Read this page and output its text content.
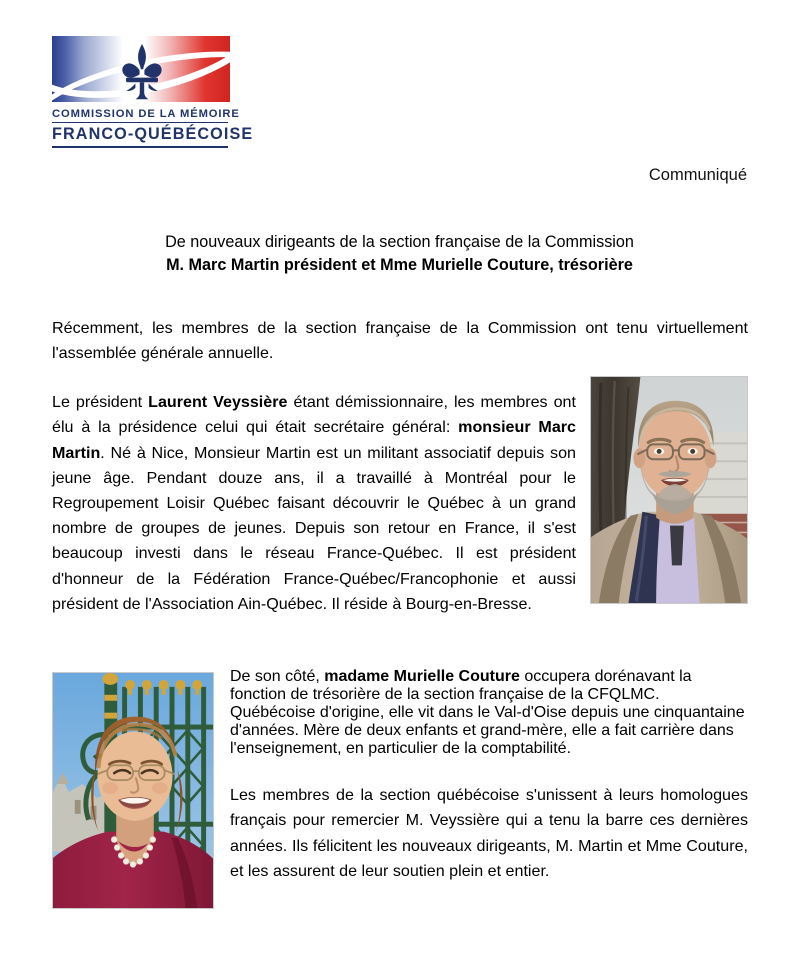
COMMISSION DE LA MÉMOIRE
FRANCO-QUÉBÉCOISE
Communiqué
De nouveaux dirigeants de la section française de la Commission
M. Marc Martin président et Mme Murielle Couture, trésorière

Récemment, les membres de la section française de la Commission ont tenu virtuellement l'assemblée générale annuelle.

Le président Laurent Veyssière étant démissionnaire, les membres ont élu à la présidence celui qui était secrétaire général: monsieur Marc Martin. Né à Nice, Monsieur Martin est un militant associatif depuis son jeune âge. Pendant douze ans, il a travaillé à Montréal pour le Regroupement Loisir Québec faisant découvrir le Québec à un grand nombre de groupes de jeunes. Depuis son retour en France, il s'est beaucoup investi dans le réseau France-Québec. Il est président d'honneur de la Fédération France-Québec/Francophonie et aussi président de l'Association Ain-Québec. Il réside à Bourg-en-Bresse.

De son côté, madame Murielle Couture occupera dorénavant la fonction de trésorière de la section française de la CFQLMC. Québécoise d'origine, elle vit dans le Val-d'Oise depuis une cinquantaine d'années. Mère de deux enfants et grand-mère, elle a fait carrière dans l'enseignement, en particulier de la comptabilité.

Les membres de la section québécoise s'unissent à leurs homologues français pour remercier M. Veyssière qui a tenu la barre ces dernières années. Ils félicitent les nouveaux dirigeants, M. Martin et Mme Couture, et les assurent de leur soutien plein et entier.
